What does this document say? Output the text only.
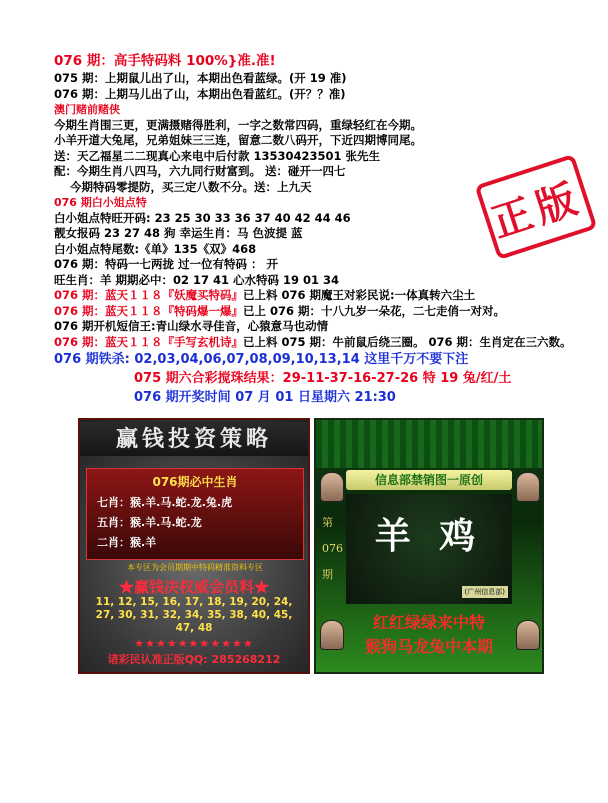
076 期：高手特码料 100%}准.准!
075 期：上期鼠儿出了山，本期出色看蓝绿。(开 19 准)
076 期：上期马儿出了山，本期出色看蓝红。(开？？准)
澳门赌前赌侠
今期生肖围三更，更满摄赌得胜利，一字之数常四码，重绿轻红在今期。
小羊开道大兔尾，兄弟姐妹三三连，留意二数八码开，下近四期博同尾。
送：天乙福星二二现真心来电中后付款 13530423501 张先生
配：今期生肖八四马，六九同行财富到。 送：碰开一四七
今期特码零提防，买三定八数不分。送：上九天
076 期白小姐点特
白小姐点特旺开码: 23 25 30 33 36 37 40 42 44 46
靓女报码 23 27 48 狗 幸运生肖：马 色波提 蓝
白小姐点特尾数:《单》135《双》468
076 期：特码一七两拢 过一位有特码 ： 开
旺生肖：羊 期期必中：02 17 41 心水特码 19 01 34
076 期：蓝天１１８『妖魔买特码』已上料 076 期魔王对彩民说:一体真转六尘土
076 期：蓝天１１８『特码爆一爆』已上 076 期：十八九岁一朵花，二七走俏一对对。
076 期开机短信王:青山绿水寻佳音，心猿意马也动情
076 期：蓝天１１８『手写玄机诗』已上料 075 期：牛前鼠后绕三圈。 076 期：生肖定在三六数。
076 期铁杀: 02,03,04,06,07,08,09,10,13,14 这里千万不要下注
075 期六合彩搅珠结果：29-11-37-16-27-26 特 19 兔/红/土
076 期开奖时间 07 月 01 日星期六 21:30
正版
赢钱投资策略
076期必中生肖
七肖：猴.羊.马.蛇.龙.兔.虎
五肖：猴.羊.马.蛇.龙
二肖：猴.羊
本专区为会员期期中特码精准资料专区
★赢钱决权威会员料★
11, 12, 15, 16, 17, 18, 19, 20, 24, 27, 30, 31, 32, 34, 35, 38, 40, 45, 47, 48
★★★★★★★★★★★
诸彩民认准正版QQ: 285268212
信息部禁销图一原创
羊 鸡
(广州信息部)
第
076
期
红红绿绿来中特
猴狗马龙兔中本期
